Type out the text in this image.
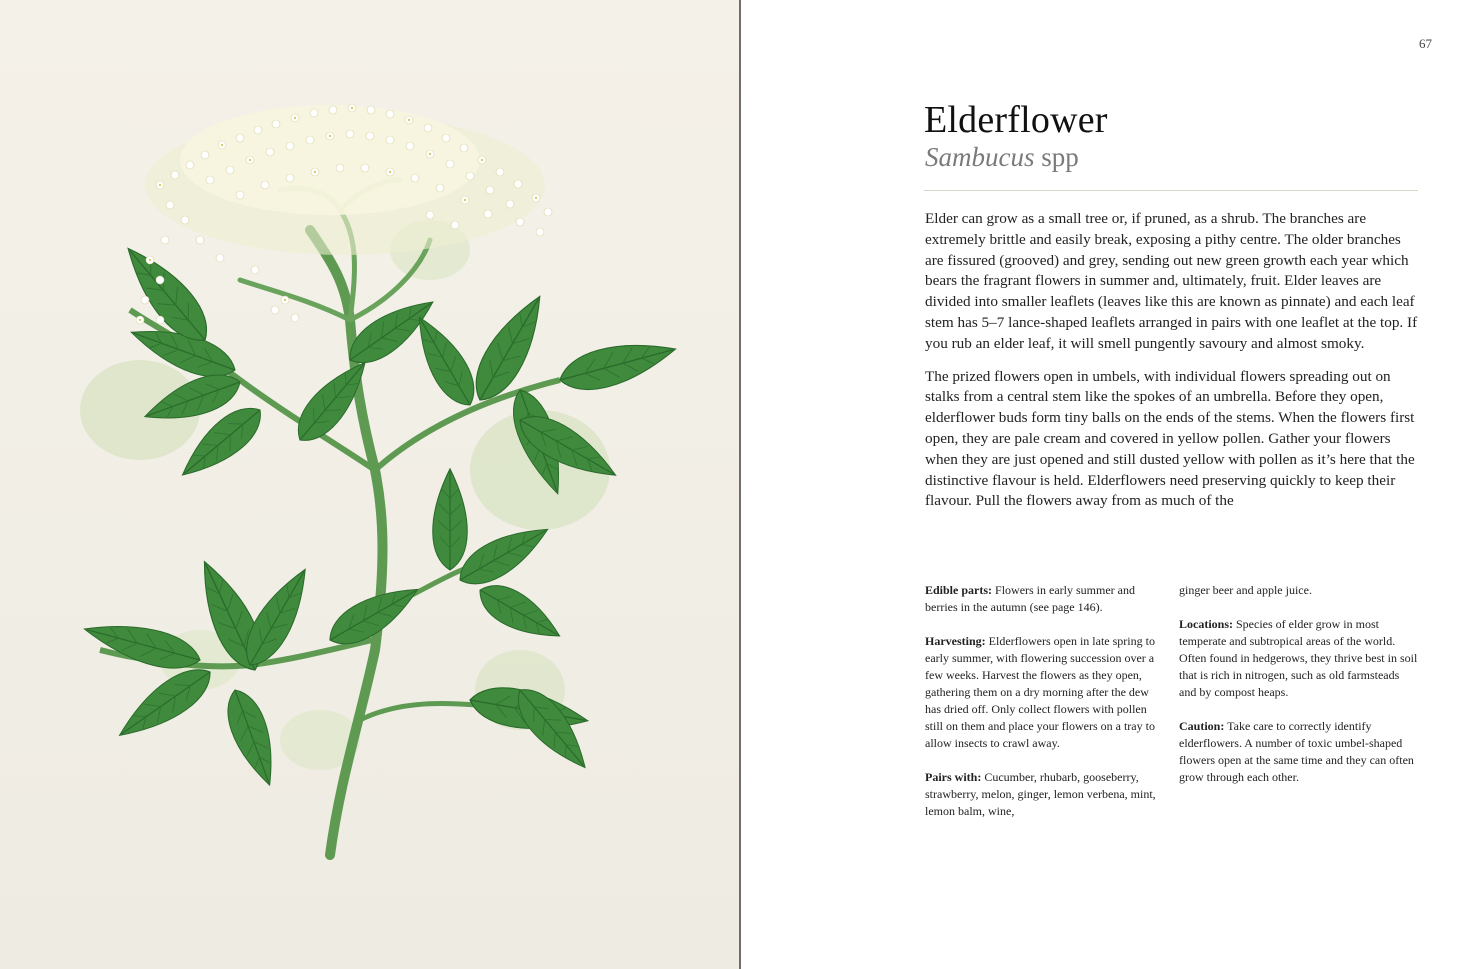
67
Elderflower
Sambucus spp

Elder can grow as a small tree or, if pruned, as a shrub. The branches are extremely brittle and easily break, exposing a pithy centre. The older branches are fissured (grooved) and grey, sending out new green growth each year which bears the fragrant flowers in summer and, ultimately, fruit. Elder leaves are divided into smaller leaflets (leaves like this are known as pinnate) and each leaf stem has 5–7 lance-shaped leaflets arranged in pairs with one leaflet at the top. If you rub an elder leaf, it will smell pungently savoury and almost smoky.

The prized flowers open in umbels, with individual flowers spreading out on stalks from a central stem like the spokes of an umbrella. Before they open, elderflower buds form tiny balls on the ends of the stems. When the flowers first open, they are pale cream and covered in yellow pollen. Gather your flowers when they are just opened and still dusted yellow with pollen as it’s here that the distinctive flavour is held. Elderflowers need preserving quickly to keep their flavour. Pull the flowers away from as much of the

Edible parts: Flowers in early summer and berries in the autumn (see page 146).

Harvesting: Elderflowers open in late spring to early summer, with flowering succession over a few weeks. Harvest the flowers as they open, gathering them on a dry morning after the dew has dried off. Only collect flowers with pollen still on them and place your flowers on a tray to allow insects to crawl away.

Pairs with: Cucumber, rhubarb, gooseberry, strawberry, melon, ginger, lemon verbena, mint, lemon balm, wine,

ginger beer and apple juice.

Locations: Species of elder grow in most temperate and subtropical areas of the world. Often found in hedgerows, they thrive best in soil that is rich in nitrogen, such as old farmsteads and by compost heaps.

Caution: Take care to correctly identify elderflowers. A number of toxic umbel-shaped flowers open at the same time and they can often grow through each other.
